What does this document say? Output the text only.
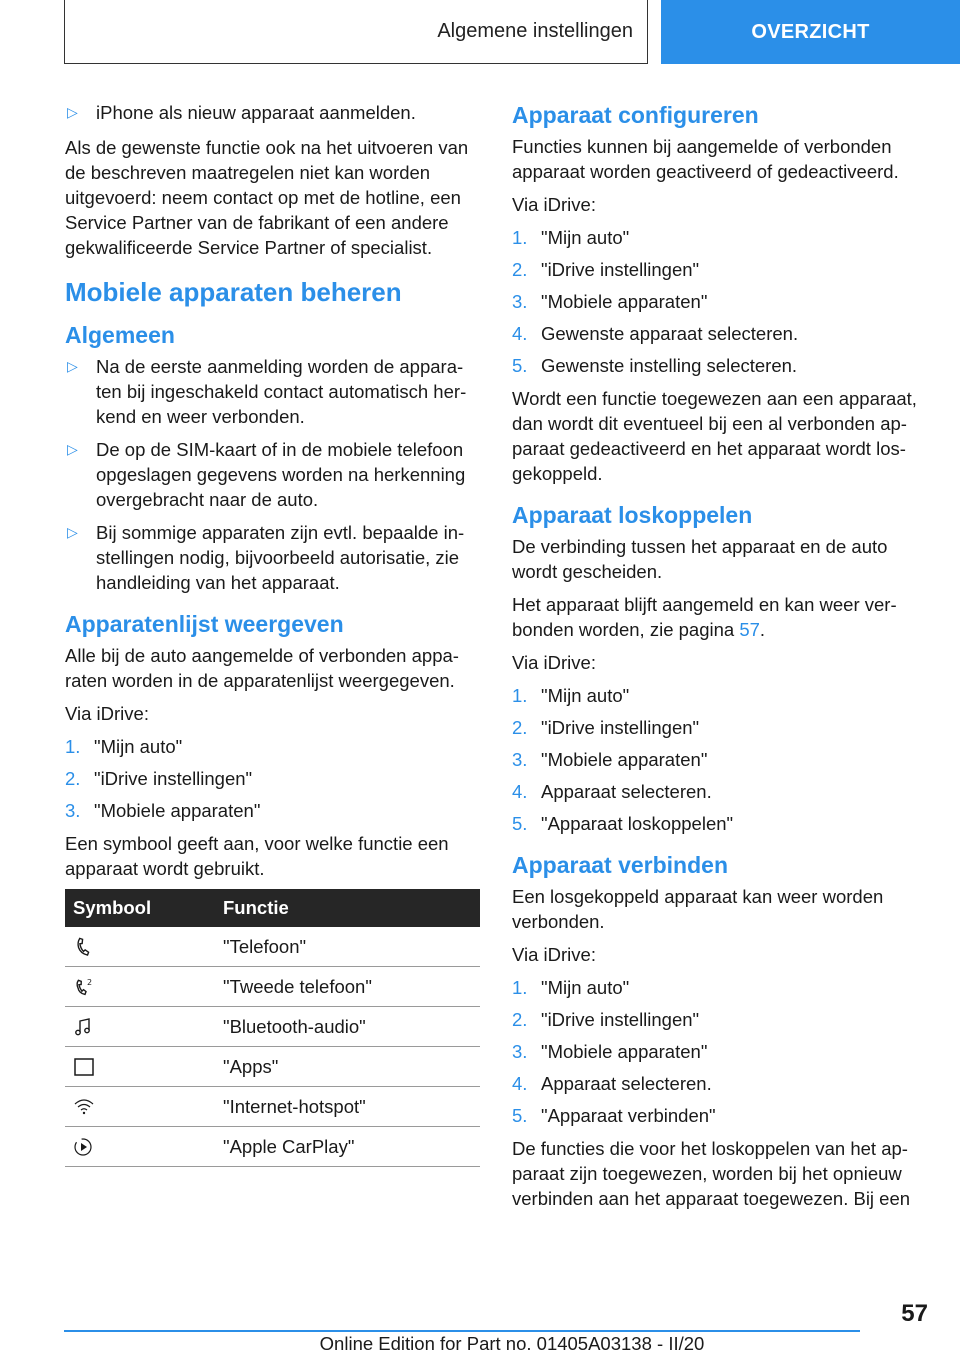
Algemene instellingen	OVERZICHT
▷ iPhone als nieuw apparaat aanmelden.

Als de gewenste functie ook na het uitvoeren van de beschreven maatregelen niet kan worden uitgevoerd: neem contact op met de hotline, een Service Partner van de fabrikant of een andere gekwalificeerde Service Partner of specialist.

Mobiele apparaten beheren
Algemeen
▷ Na de eerste aanmelding worden de apparaten bij ingeschakeld contact automatisch herkend en weer verbonden.
▷ De op de SIM-kaart of in de mobiele telefoon opgeslagen gegevens worden na herkenning overgebracht naar de auto.
▷ Bij sommige apparaten zijn evtl. bepaalde instellingen nodig, bijvoorbeeld autorisatie, zie handleiding van het apparaat.
Apparatenlijst weergeven

Alle bij de auto aangemelde of verbonden apparaten worden in de apparatenlijst weergegeven.

Via iDrive:

1. "Mijn auto"
2. "iDrive instellingen"
3. "Mobiele apparaten"

Een symbool geeft aan, voor welke functie een apparaat wordt gebruikt.

Symbool	Functie

	"Telefoon"

2	"Tweede telefoon"

	"Bluetooth-audio"

	"Apps"

	"Internet-hotspot"

	"Apple CarPlay"
Apparaat configureren

Functies kunnen bij aangemelde of verbonden apparaat worden geactiveerd of gedeactiveerd.

Via iDrive:

1. "Mijn auto"
2. "iDrive instellingen"
3. "Mobiele apparaten"
4. Gewenste apparaat selecteren.
5. Gewenste instelling selecteren.

Wordt een functie toegewezen aan een apparaat, dan wordt dit eventueel bij een al verbonden apparaat gedeactiveerd en het apparaat wordt losgekoppeld.

Apparaat loskoppelen

De verbinding tussen het apparaat en de auto wordt gescheiden.

Het apparaat blijft aangemeld en kan weer verbonden worden, zie pagina 57.

Via iDrive:

1. "Mijn auto"
2. "iDrive instellingen"
3. "Mobiele apparaten"
4. Apparaat selecteren.
5. "Apparaat loskoppelen"
Apparaat verbinden

Een losgekoppeld apparaat kan weer worden verbonden.

Via iDrive:

1. "Mijn auto"
2. "iDrive instellingen"
3. "Mobiele apparaten"
4. Apparaat selecteren.
5. "Apparaat verbinden"

De functies die voor het loskoppelen van het apparaat zijn toegewezen, worden bij het opnieuw verbinden aan het apparaat toegewezen. Bij een

57
Online Edition for Part no. 01405A03138 - II/20
